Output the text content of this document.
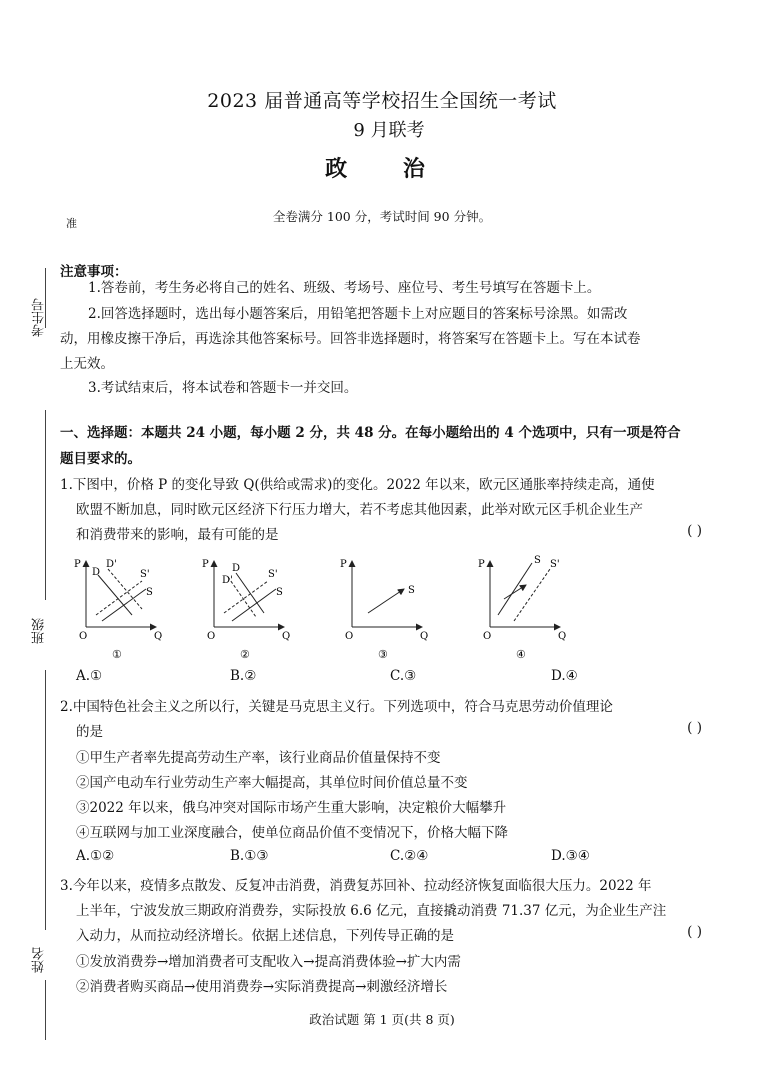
2023 届普通高等学校招生全国统一考试
9 月联考
政 治
全卷满分 100 分，考试时间 90 分钟。
准
考生号
班级
姓名
注意事项：
1.答卷前，考生务必将自己的姓名、班级、考场号、座位号、考生号填写在答题卡上。
2.回答选择题时，选出每小题答案后，用铅笔把答题卡上对应题目的答案标号涂黑。如需改
动，用橡皮擦干净后，再选涂其他答案标号。回答非选择题时，将答案写在答题卡上。写在本试卷
上无效。
3.考试结束后，将本试卷和答题卡一并交回。
一、选择题：本题共 24 小题，每小题 2 分，共 48 分。在每小题给出的 4 个选项中，只有一项是符合
题目要求的。
1.下图中，价格 P 的变化导致 Q(供给或需求)的变化。2022 年以来，欧元区通胀率持续走高，通使
欧盟不断加息，同时欧元区经济下行压力增大，若不考虑其他因素，此举对欧元区手机企业生产
和消费带来的影响，最有可能的是	( )
P
Q
O
D
D'
S'
S
①
P
Q
O
D'
D
S'
S
②
P
Q
O
S
③
P
Q
O
S S'
④
A.①	B.②	C.③	D.④
2.中国特色社会主义之所以行，关键是马克思主义行。下列选项中，符合马克思劳动价值理论
的是	( )
①甲生产者率先提高劳动生产率，该行业商品价值量保持不变
②国产电动车行业劳动生产率大幅提高，其单位时间价值总量不变
③2022 年以来，俄乌冲突对国际市场产生重大影响，决定粮价大幅攀升
④互联网与加工业深度融合，使单位商品价值不变情况下，价格大幅下降
A.①②	B.①③	C.②④	D.③④
3.今年以来，疫情多点散发、反复冲击消费，消费复苏回补、拉动经济恢复面临很大压力。2022 年
上半年，宁波发放三期政府消费券，实际投放 6.6 亿元，直接撬动消费 71.37 亿元，为企业生产注
入动力，从而拉动经济增长。依据上述信息，下列传导正确的是	( )
①发放消费券→增加消费者可支配收入→提高消费体验→扩大内需
②消费者购买商品→使用消费券→实际消费提高→刺激经济增长
政治试题 第 1 页(共 8 页)
